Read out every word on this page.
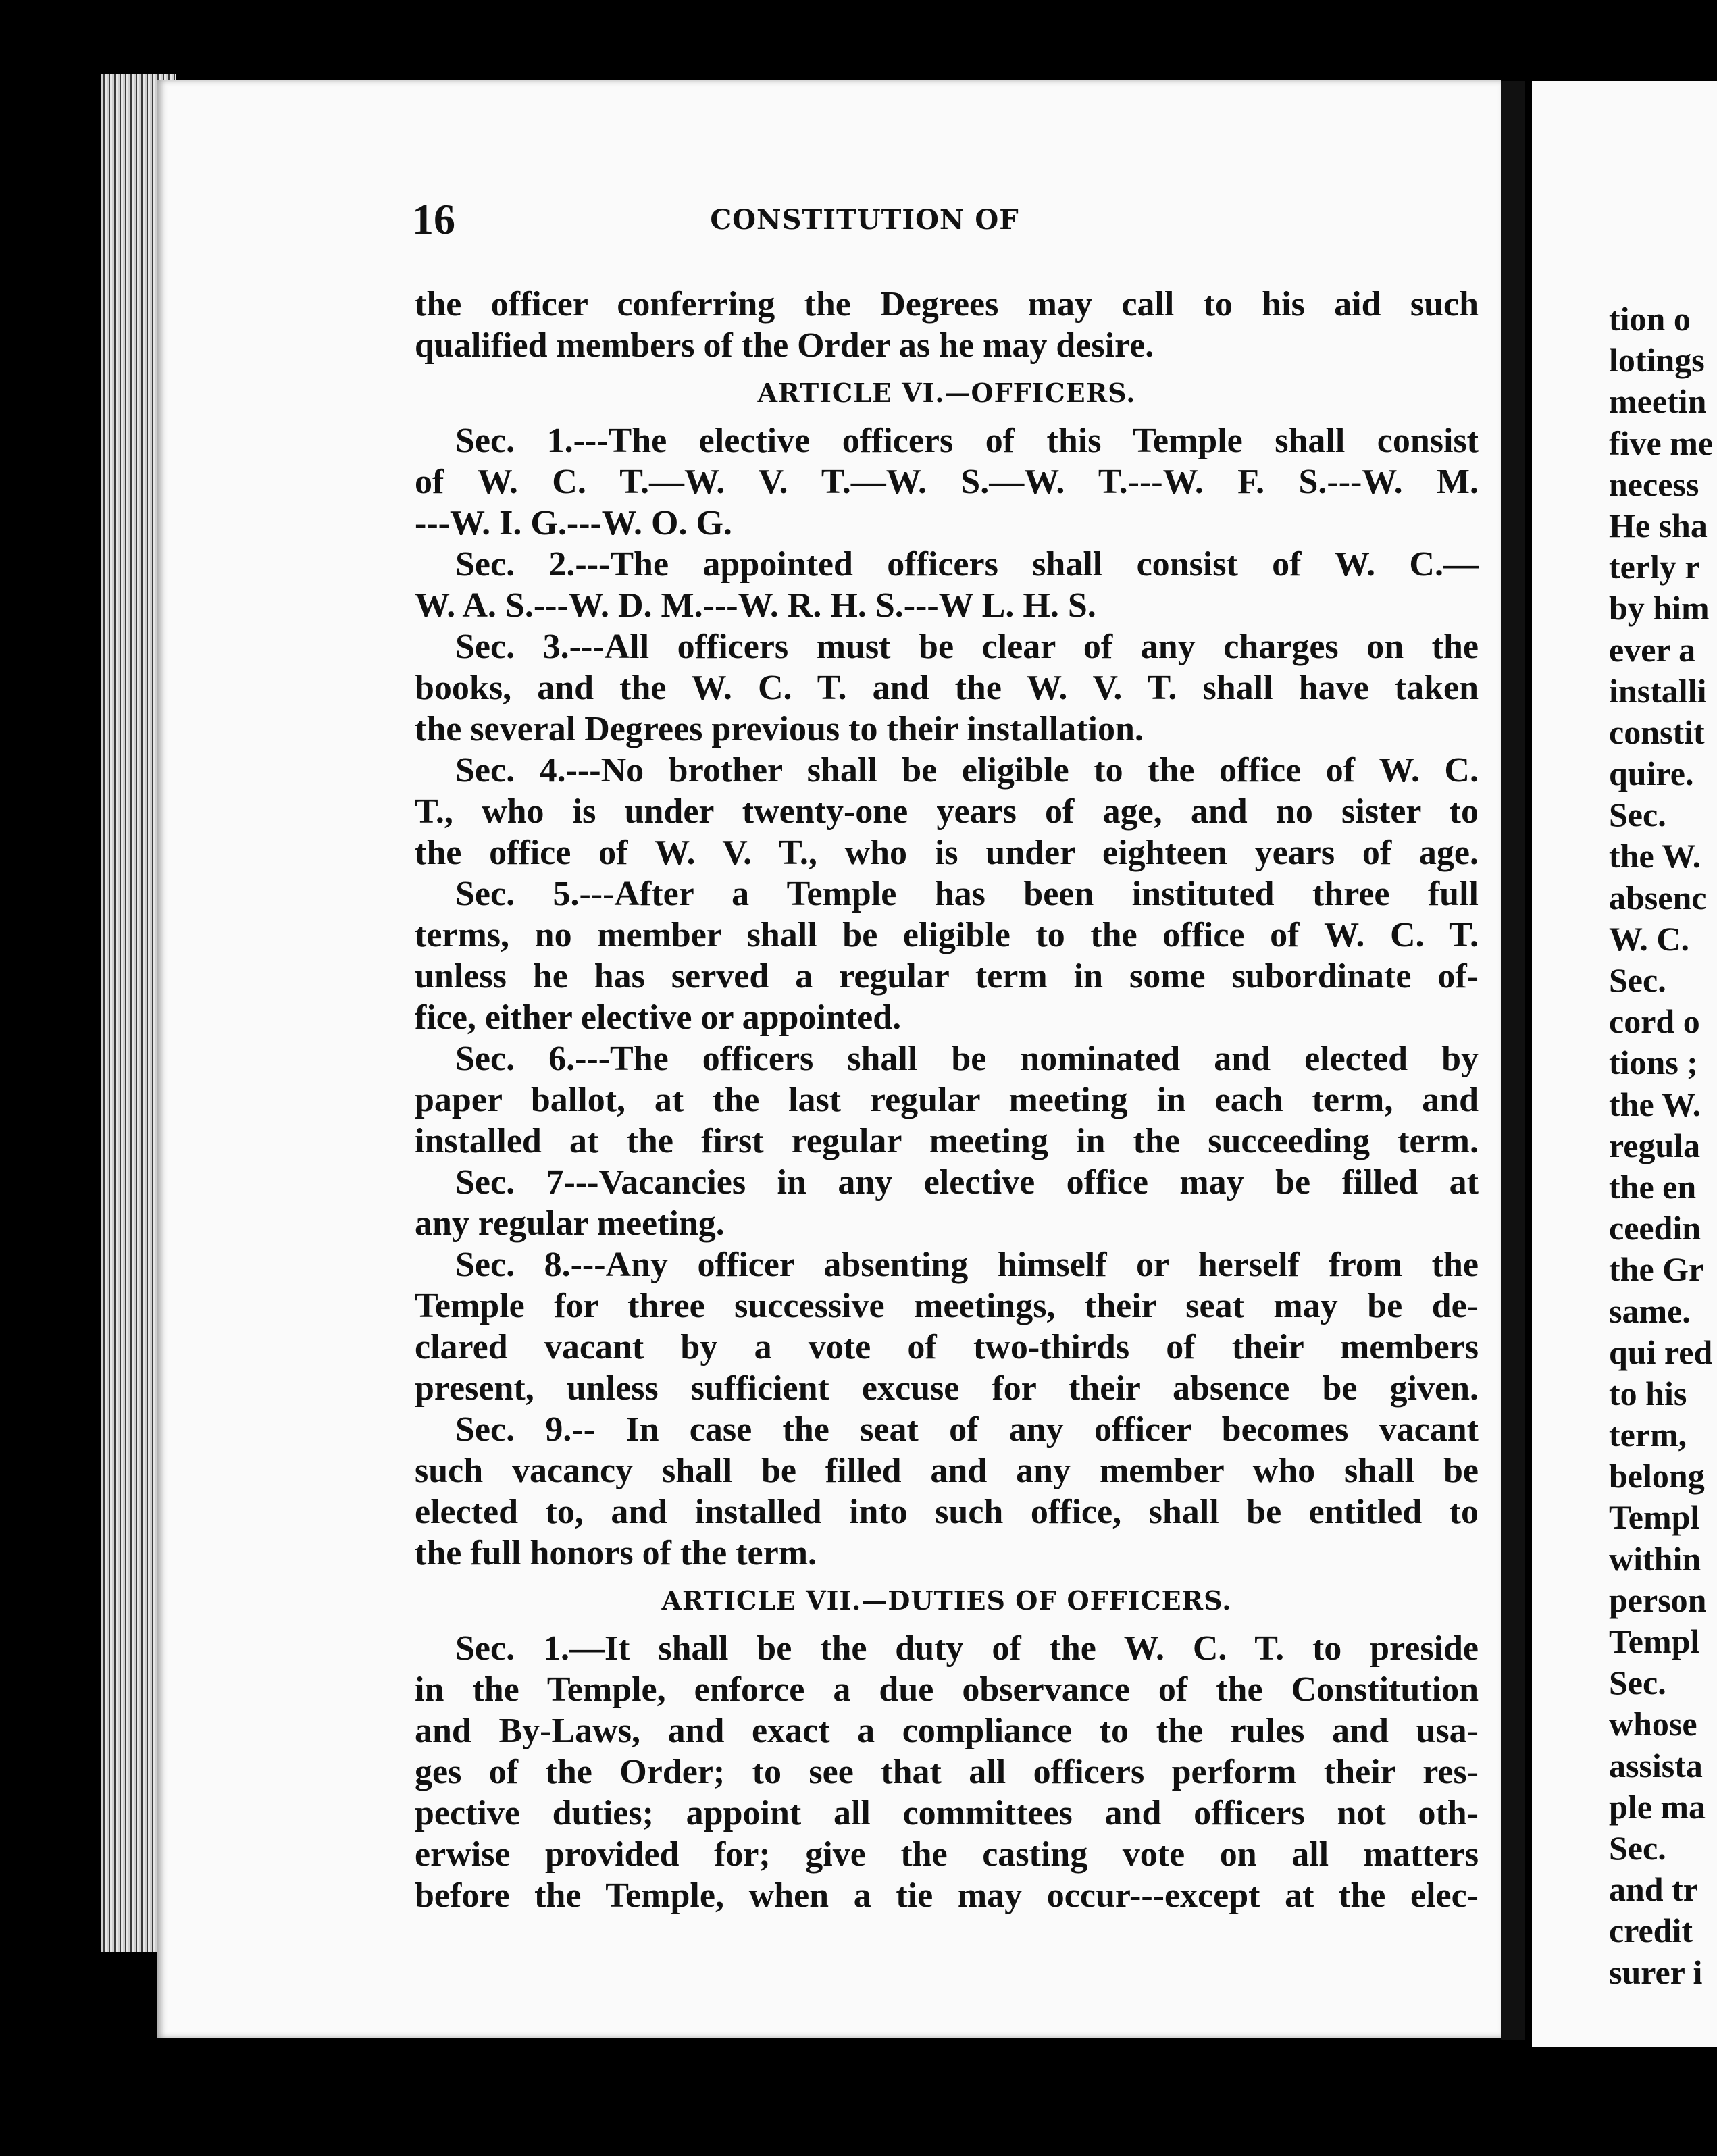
16	CONSTITUTION OF
the officer conferring the Degrees may call to his aid such
qualified members of the Order as he may desire.
ARTICLE VI.—OFFICERS.
Sec. 1.---The elective officers of this Temple shall consist
of W. C. T.—W. V. T.—W. S.—W. T.---W. F. S.---W. M.
---W. I. G.---W. O. G.
Sec. 2.---The appointed officers shall consist of W. C.—
W. A. S.---W. D. M.---W. R. H. S.---W L. H. S.
Sec. 3.---All officers must be clear of any charges on the
books, and the W. C. T. and the W. V. T. shall have taken
the several Degrees previous to their installation.
Sec. 4.---No brother shall be eligible to the office of W. C.
T., who is under twenty-one years of age, and no sister to
the office of W. V. T., who is under eighteen years of age.
Sec. 5.---After a Temple has been instituted three full
terms, no member shall be eligible to the office of W. C. T.
unless he has served a regular term in some subordinate of-
fice, either elective or appointed.
Sec. 6.---The officers shall be nominated and elected by
paper ballot, at the last regular meeting in each term, and
installed at the first regular meeting in the succeeding term.
Sec. 7---Vacancies in any elective office may be filled at
any regular meeting.
Sec. 8.---Any officer absenting himself or herself from the
Temple for three successive meetings, their seat may be de-
clared vacant by a vote of two-thirds of their members
present, unless sufficient excuse for their absence be given.
Sec. 9.-- In case the seat of any officer becomes vacant
such vacancy shall be filled and any member who shall be
elected to, and installed into such office, shall be entitled to
the full honors of the term.
ARTICLE VII.—DUTIES OF OFFICERS.
Sec. 1.—It shall be the duty of the W. C. T. to preside
in the Temple, enforce a due observance of the Constitution
and By-Laws, and exact a compliance to the rules and usa-
ges of the Order; to see that all officers perform their res-
pective duties; appoint all committees and officers not oth-
erwise provided for; give the casting vote on all matters
before the Temple, when a tie may occur---except at the elec-
tion o
lotings
meetin
five me
necess
He sha
terly r
by him
ever a
installi
constit
quire.
Sec.
the W.
absenc
W. C.
Sec.
cord o
tions ;
the W.
regula
the en
ceedin
the Gr
same.
qui red
to his
term,
belong
Templ
within
person
Templ
Sec.
whose
assista
ple ma
Sec.
and tr
credit
surer i
